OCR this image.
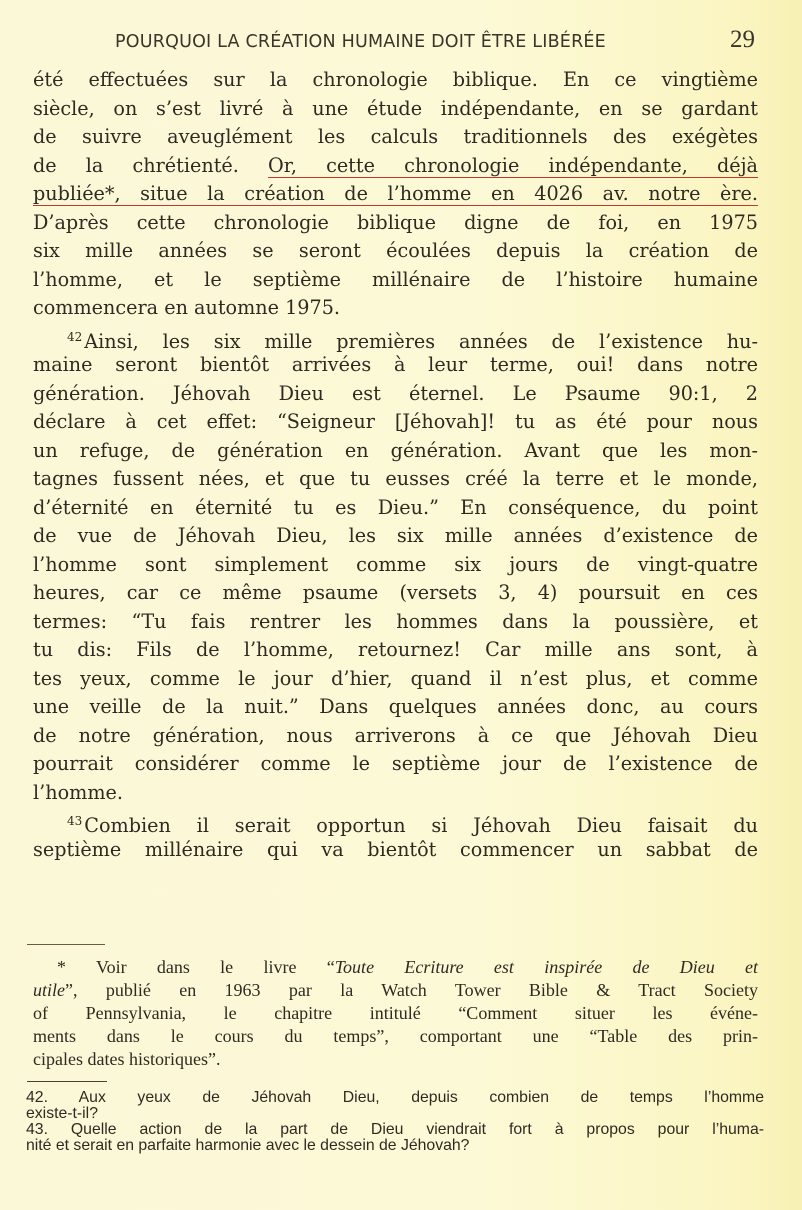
POURQUOI LA CRÉATION HUMAINE DOIT ÊTRE LIBÉRÉE	29
été effectuées sur la chronologie biblique. En ce vingtième
siècle, on s’est livré à une étude indépendante, en se gardant
de suivre aveuglément les calculs traditionnels des exégètes
de la chrétienté. Or, cette chronologie indépendante, déjà
publiée*, situe la création de l’homme en 4026 av. notre ère.
D’après cette chronologie biblique digne de foi, en 1975
six mille années se seront écoulées depuis la création de
l’homme, et le septième millénaire de l’histoire humaine
commencera en automne 1975.
$^{42}$ Ainsi, les six mille premières années de l’existence hu-
maine seront bientôt arrivées à leur terme, oui! dans notre
génération. Jéhovah Dieu est éternel. Le Psaume 90:1, 2
déclare à cet effet: “Seigneur [Jéhovah]! tu as été pour nous
un refuge, de génération en génération. Avant que les mon-
tagnes fussent nées, et que tu eusses créé la terre et le monde,
d’éternité en éternité tu es Dieu.” En conséquence, du point
de vue de Jéhovah Dieu, les six mille années d’existence de
l’homme sont simplement comme six jours de vingt-quatre
heures, car ce même psaume (versets 3, 4) poursuit en ces
termes: “Tu fais rentrer les hommes dans la poussière, et
tu dis: Fils de l’homme, retournez! Car mille ans sont, à
tes yeux, comme le jour d’hier, quand il n’est plus, et comme
une veille de la nuit.” Dans quelques années donc, au cours
de notre génération, nous arriverons à ce que Jéhovah Dieu
pourrait considérer comme le septième jour de l’existence de
l’homme.
$^{43}$ Combien il serait opportun si Jéhovah Dieu faisait du
septième millénaire qui va bientôt commencer un sabbat de
* Voir dans le livre “Toute Ecriture est inspirée de Dieu et
utile”, publié en 1963 par la Watch Tower Bible & Tract Society
of Pennsylvania, le chapitre intitulé “Comment situer les événe-
ments dans le cours du temps”, comportant une “Table des prin-
cipales dates historiques”.
42. Aux yeux de Jéhovah Dieu, depuis combien de temps l’homme
existe-t-il?
43. Quelle action de la part de Dieu viendrait fort à propos pour l’huma-
nité et serait en parfaite harmonie avec le dessein de Jéhovah?
